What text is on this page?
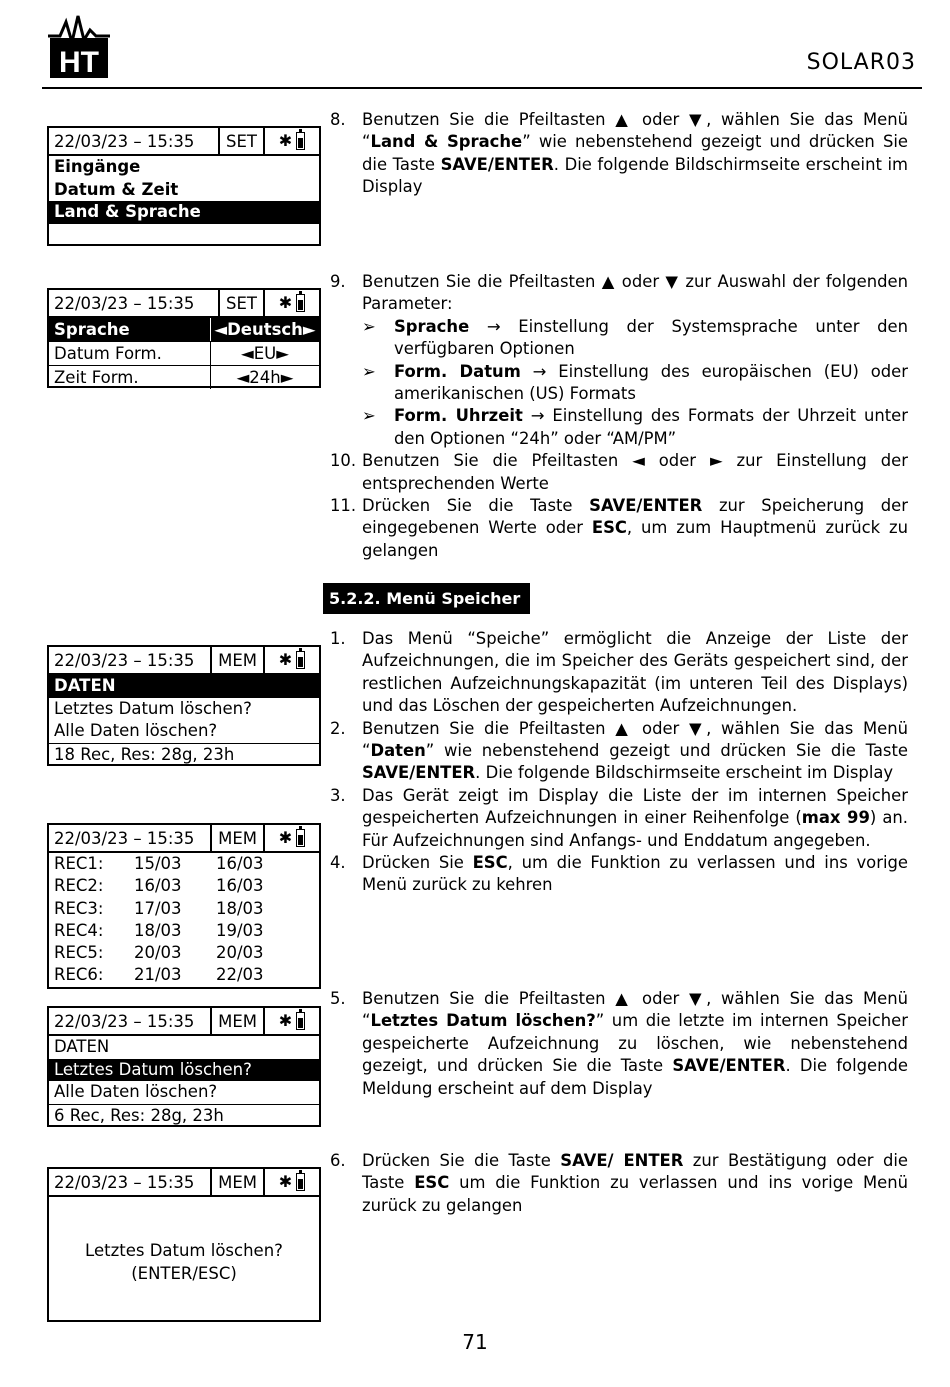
HT	SOLAR03
22/03/23 – 15:35	SET	✱
Eingänge
Datum & Zeit
Land & Sprache
22/03/23 – 15:35	SET	✱
Sprache	◄Deutsch►
Datum Form.	◄EU►
Zeit Form.	◄24h►
22/03/23 – 15:35	MEM	✱
DATEN
Letztes Datum löschen?
Alle Daten löschen?
18 Rec, Res: 28g, 23h
22/03/23 – 15:35	MEM	✱
REC1:	15/03	16/03
REC2:	16/03	16/03
REC3:	17/03	18/03
REC4:	18/03	19/03
REC5:	20/03	20/03
REC6:	21/03	22/03
22/03/23 – 15:35	MEM	✱
DATEN
Letztes Datum löschen?
Alle Daten löschen?
6 Rec, Res: 28g, 23h
22/03/23 – 15:35	MEM	✱
Letztes Datum löschen?
(ENTER/ESC)
8. Benutzen Sie die Pfeiltasten ▲ oder ▼, wählen Sie das Menü “Land & Sprache” wie nebenstehend gezeigt und drücken Sie die Taste SAVE/ENTER. Die folgende Bildschirmseite erscheint im Display
9. Benutzen Sie die Pfeiltasten ▲ oder ▼ zur Auswahl der folgenden Parameter:
➢	Sprache → Einstellung der Systemsprache unter den verfügbaren Optionen
➢	Form. Datum → Einstellung des europäischen (EU) oder amerikanischen (US) Formats
➢	Form. Uhrzeit → Einstellung des Formats der Uhrzeit unter den Optionen “24h” oder “AM/PM”
10. Benutzen Sie die Pfeiltasten ◄ oder ► zur Einstellung der entsprechenden Werte
11. Drücken Sie die Taste SAVE/ENTER zur Speicherung der eingegebenen Werte oder ESC, um zum Hauptmenü zurück zu gelangen
5.2.2. Menü Speicher
1. Das Menü “Speiche” ermöglicht die Anzeige der Liste der Aufzeichnungen, die im Speicher des Geräts gespeichert sind, der restlichen Aufzeichnungskapazität (im unteren Teil des Displays) und das Löschen der gespeicherten Aufzeichnungen.
2. Benutzen Sie die Pfeiltasten ▲ oder ▼, wählen Sie das Menü “Daten” wie nebenstehend gezeigt und drücken Sie die Taste SAVE/ENTER. Die folgende Bildschirmseite erscheint im Display
3. Das Gerät zeigt im Display die Liste der im internen Speicher gespeicherten Aufzeichnungen in einer Reihenfolge (max 99) an. Für Aufzeichnungen sind Anfangs- und Enddatum angegeben.
4. Drücken Sie ESC, um die Funktion zu verlassen und ins vorige Menü zurück zu kehren
5. Benutzen Sie die Pfeiltasten ▲ oder ▼, wählen Sie das Menü “Letztes Datum löschen?” um die letzte im internen Speicher gespeicherte Aufzeichnung zu löschen, wie nebenstehend gezeigt, und drücken Sie die Taste SAVE/ENTER. Die folgende Meldung erscheint auf dem Display
6. Drücken Sie die Taste SAVE/ ENTER zur Bestätigung oder die Taste ESC um die Funktion zu verlassen und ins vorige Menü zurück zu gelangen
71
